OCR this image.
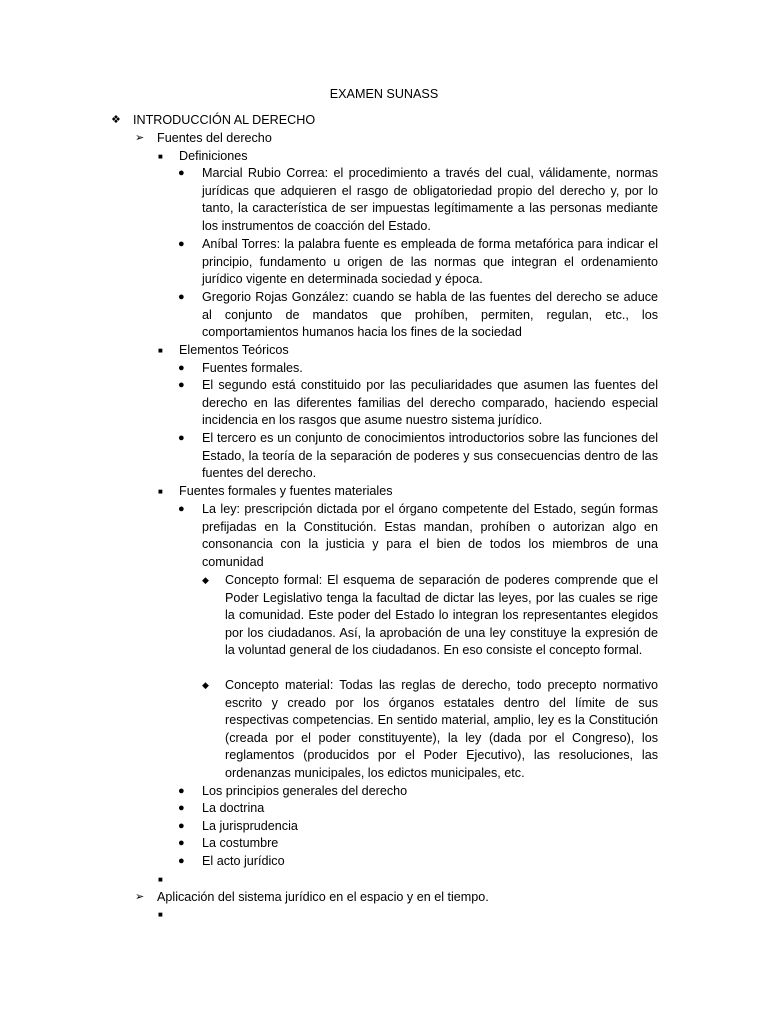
EXAMEN SUNASS
❖ INTRODUCCIÓN AL DERECHO
➢ Fuentes del derecho
■ Definiciones
● Marcial Rubio Correa: el procedimiento a través del cual, válidamente, normas jurídicas que adquieren el rasgo de obligatoriedad propio del derecho y, por lo tanto, la característica de ser impuestas legítimamente a las personas mediante los instrumentos de coacción del Estado.
● Aníbal Torres: la palabra fuente es empleada de forma metafórica para indicar el principio, fundamento u origen de las normas que integran el ordenamiento jurídico vigente en determinada sociedad y época.
● Gregorio Rojas González: cuando se habla de las fuentes del derecho se aduce al conjunto de mandatos que prohíben, permiten, regulan, etc., los comportamientos humanos hacia los fines de la sociedad
■ Elementos Teóricos
● Fuentes formales.
● El segundo está constituido por las peculiaridades que asumen las fuentes del derecho en las diferentes familias del derecho comparado, haciendo especial incidencia en los rasgos que asume nuestro sistema jurídico.
● El tercero es un conjunto de conocimientos introductorios sobre las funciones del Estado, la teoría de la separación de poderes y sus consecuencias dentro de las fuentes del derecho.
■ Fuentes formales y fuentes materiales
● La ley: prescripción dictada por el órgano competente del Estado, según formas prefijadas en la Constitución. Estas mandan, prohíben o autorizan algo en consonancia con la justicia y para el bien de todos los miembros de una comunidad
◆ Concepto formal: El esquema de separación de poderes comprende que el Poder Legislativo tenga la facultad de dictar las leyes, por las cuales se rige la comunidad. Este poder del Estado lo integran los representantes elegidos por los ciudadanos. Así, la aprobación de una ley constituye la expresión de la voluntad general de los ciudadanos. En eso consiste el concepto formal.
◆ Concepto material: Todas las reglas de derecho, todo precepto normativo escrito y creado por los órganos estatales dentro del límite de sus respectivas competencias. En sentido material, amplio, ley es la Constitución (creada por el poder constituyente), la ley (dada por el Congreso), los reglamentos (producidos por el Poder Ejecutivo), las resoluciones, las ordenanzas municipales, los edictos municipales, etc.
● Los principios generales del derecho
● La doctrina
● La jurisprudencia
● La costumbre
● El acto jurídico
■
➢ Aplicación del sistema jurídico en el espacio y en el tiempo.
■
